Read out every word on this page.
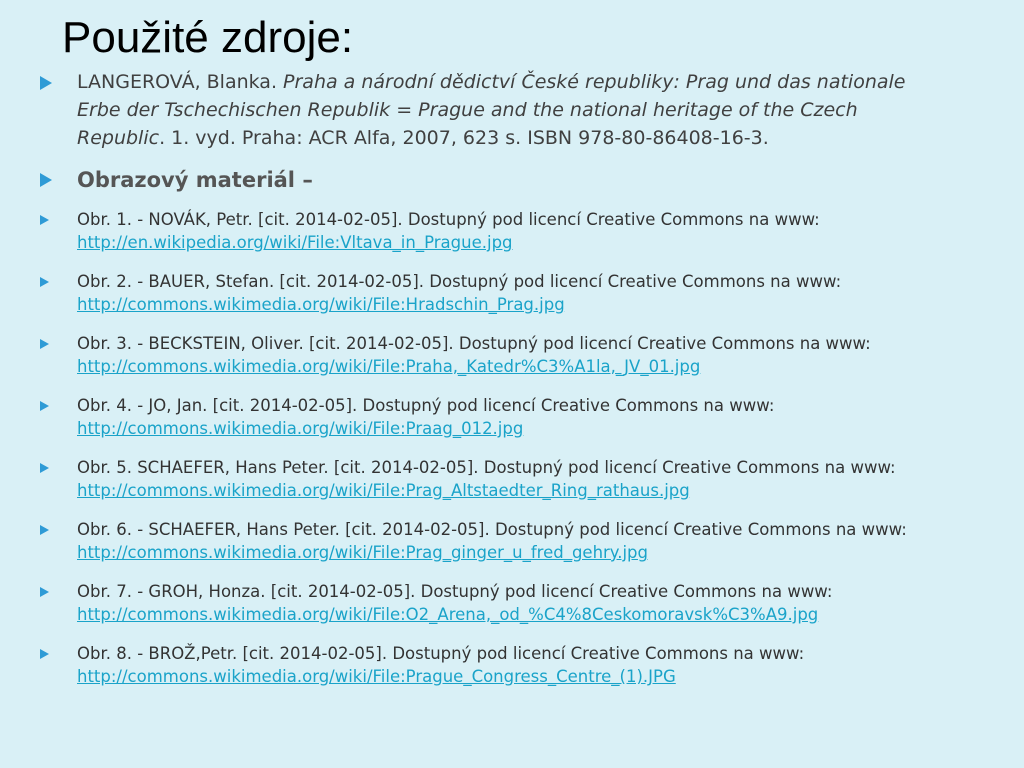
Použité zdroje:
LANGEROVÁ, Blanka. Praha a národní dědictví České republiky: Prag und das nationale
Erbe der Tschechischen Republik = Prague and the national heritage of the Czech
Republic. 1. vyd. Praha: ACR Alfa, 2007, 623 s. ISBN 978-80-86408-16-3.
Obrazový materiál –
Obr. 1. - NOVÁK, Petr. [cit. 2014-02-05]. Dostupný pod licencí Creative Commons na www:
http://en.wikipedia.org/wiki/File:Vltava_in_Prague.jpg
Obr. 2. - BAUER, Stefan. [cit. 2014-02-05]. Dostupný pod licencí Creative Commons na www:
http://commons.wikimedia.org/wiki/File:Hradschin_Prag.jpg
Obr. 3. - BECKSTEIN, Oliver. [cit. 2014-02-05]. Dostupný pod licencí Creative Commons na www:
http://commons.wikimedia.org/wiki/File:Praha,_Katedr%C3%A1la,_JV_01.jpg
Obr. 4. - JO, Jan. [cit. 2014-02-05]. Dostupný pod licencí Creative Commons na www:
http://commons.wikimedia.org/wiki/File:Praag_012.jpg
Obr. 5. SCHAEFER, Hans Peter. [cit. 2014-02-05]. Dostupný pod licencí Creative Commons na www:
http://commons.wikimedia.org/wiki/File:Prag_Altstaedter_Ring_rathaus.jpg
Obr. 6. - SCHAEFER, Hans Peter. [cit. 2014-02-05]. Dostupný pod licencí Creative Commons na www:
http://commons.wikimedia.org/wiki/File:Prag_ginger_u_fred_gehry.jpg
Obr. 7. - GROH, Honza. [cit. 2014-02-05]. Dostupný pod licencí Creative Commons na www:
http://commons.wikimedia.org/wiki/File:O2_Arena,_od_%C4%8Ceskomoravsk%C3%A9.jpg
Obr. 8. - BROŽ,Petr. [cit. 2014-02-05]. Dostupný pod licencí Creative Commons na www:
http://commons.wikimedia.org/wiki/File:Prague_Congress_Centre_(1).JPG
